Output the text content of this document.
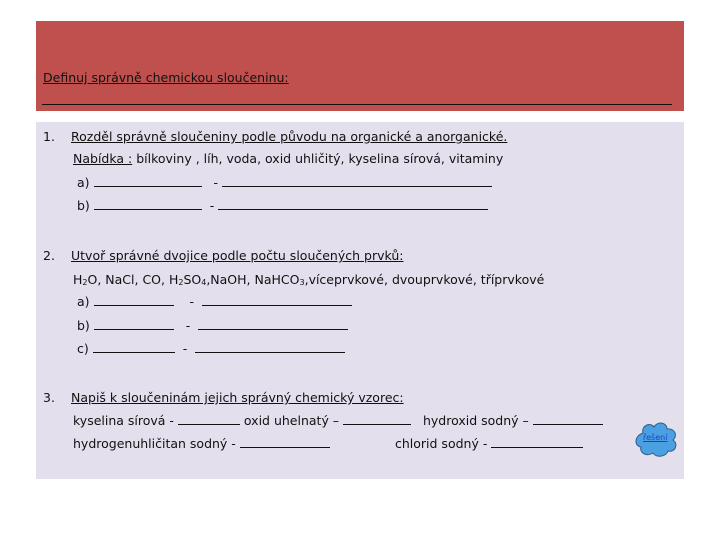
Definuj správně chemickou sloučeninu:
1. Rozděl správně sloučeniny podle původu na organické a anorganické.
Nabídka : bílkoviny , líh, voda, oxid uhličitý, kyselina sírová, vitaminy
a)	-
b)	-
2. Utvoř správné dvojice podle počtu sloučených prvků:
$H_2O$, NaCl, CO, $H_2SO_4,NaOH$, NaHCO$_3$,víceprvkové, dvouprvkové, tříprvkové
a)	-
b)	-
c)	-
3. Napiš k sloučeninám jejich správný chemický vzorec:
kyselina sírová -	oxid uhelnatý –	hydroxid sodný –
hydrogenuhličitan sodný -	chlorid sodný -	řešení
